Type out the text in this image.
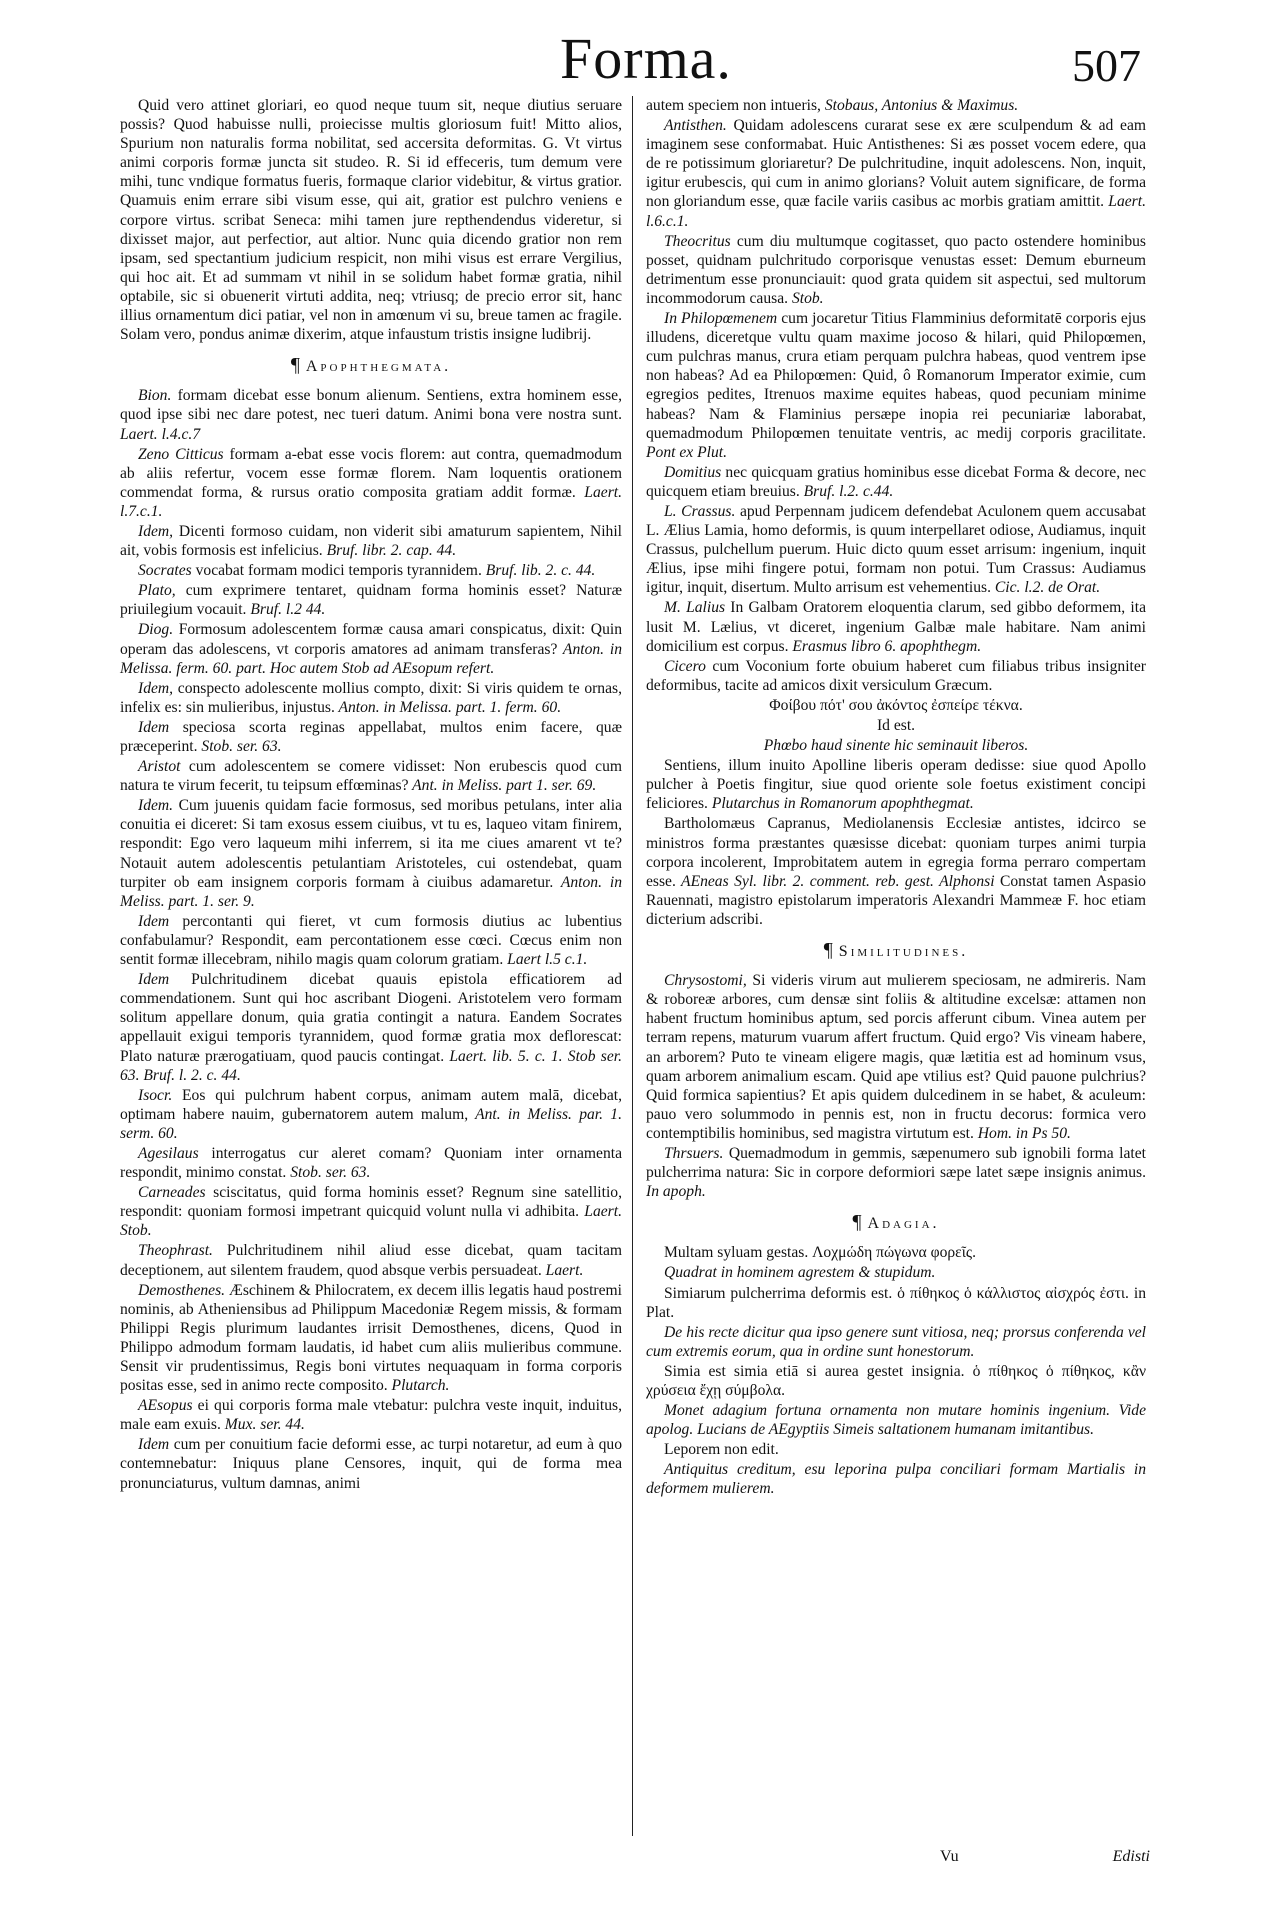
Forma.	507

Quid vero attinet gloriari, eo quod neque tuum sit, neque diutius seruare possis? Quod habuisse nulli, proiecisse multis gloriosum fuit! Mitto alios, Spurium non naturalis forma nobilitat, sed accersita deformitas. G. Vt virtus animi corporis formæ juncta sit studeo. R. Si id effeceris, tum demum vere mihi, tunc vndique formatus fueris, formaque clarior videbitur, & virtus gratior. Quamuis enim errare sibi visum esse, qui ait, gratior est pulchro veniens e corpore virtus. scribat Seneca: mihi tamen jure repthendendus videretur, si dixisset major, aut perfectior, aut altior. Nunc quia dicendo gratior non rem ipsam, sed spectantium judicium respicit, non mihi visus est errare Vergilius, qui hoc ait. Et ad summam vt nihil in se solidum habet formæ gratia, nihil optabile, sic si obuenerit virtuti addita, neq; vtriusq; de precio error sit, hanc illius ornamentum dici patiar, vel non in amœnum vi su, breue tamen ac fragile. Solam vero, pondus animæ dixerim, atque infaustum tristis insigne ludibrij.

¶ Apophthegmata.

Bion. formam dicebat esse bonum alienum. Sentiens, extra hominem esse, quod ipse sibi nec dare potest, nec tueri datum. Animi bona vere nostra sunt. Laert. l.4.c.7

Zeno Citticus formam a-ebat esse vocis florem: aut contra, quemadmodum ab aliis refertur, vocem esse formæ florem. Nam loquentis orationem commendat forma, & rursus oratio composita gratiam addit formæ. Laert. l.7.c.1.

Idem, Dicenti formoso cuidam, non viderit sibi amaturum sapientem, Nihil ait, vobis formosis est infelicius. Bruf. libr. 2. cap. 44.

Socrates vocabat formam modici temporis tyrannidem. Bruf. lib. 2. c. 44.

Plato, cum exprimere tentaret, quidnam forma hominis esset? Naturæ priuilegium vocauit. Bruf. l.2 44.

Diog. Formosum adolescentem formæ causa amari conspicatus, dixit: Quin operam das adolescens, vt corporis amatores ad animam transferas? Anton. in Melissa. ferm. 60. part. Hoc autem Stob ad AEsopum refert.

Idem, conspecto adolescente mollius compto, dixit: Si viris quidem te ornas, infelix es: sin mulieribus, injustus. Anton. in Melissa. part. 1. ferm. 60.

Idem speciosa scorta reginas appellabat, multos enim facere, quæ præceperint. Stob. ser. 63.

Aristot cum adolescentem se comere vidisset: Non erubescis quod cum natura te virum fecerit, tu teipsum effœminas? Ant. in Meliss. part 1. ser. 69.

Idem. Cum juuenis quidam facie formosus, sed moribus petulans, inter alia conuitia ei diceret: Si tam exosus essem ciuibus, vt tu es, laqueo vitam finirem, respondit: Ego vero laqueum mihi inferrem, si ita me ciues amarent vt te? Notauit autem adolescentis petulantiam Aristoteles, cui ostendebat, quam turpiter ob eam insignem corporis formam à ciuibus adamaretur. Anton. in Meliss. part. 1. ser. 9.

Idem percontanti qui fieret, vt cum formosis diutius ac lubentius confabulamur? Respondit, eam percontationem esse cœci. Cœcus enim non sentit formæ illecebram, nihilo magis quam colorum gratiam. Laert l.5 c.1.

Idem Pulchritudinem dicebat quauis epistola efficatiorem ad commendationem. Sunt qui hoc ascribant Diogeni. Aristotelem vero formam solitum appellare donum, quia gratia contingit a natura. Eandem Socrates appellauit exigui temporis tyrannidem, quod formæ gratia mox deflorescat: Plato naturæ prærogatiuam, quod paucis contingat. Laert. lib. 5. c. 1. Stob ser. 63. Bruf. l. 2. c. 44.

Isocr. Eos qui pulchrum habent corpus, animam autem malā, dicebat, optimam habere nauim, gubernatorem autem malum, Ant. in Meliss. par. 1. serm. 60.

Agesilaus interrogatus cur aleret comam? Quoniam inter ornamenta respondit, minimo constat. Stob. ser. 63.

Carneades sciscitatus, quid forma hominis esset? Regnum sine satellitio, respondit: quoniam formosi impetrant quicquid volunt nulla vi adhibita. Laert. Stob.

Theophrast. Pulchritudinem nihil aliud esse dicebat, quam tacitam deceptionem, aut silentem fraudem, quod absque verbis persuadeat. Laert.

Demosthenes. Æschinem & Philocratem, ex decem illis legatis haud postremi nominis, ab Atheniensibus ad Philippum Macedoniæ Regem missis, & formam Philippi Regis plurimum laudantes irrisit Demosthenes, dicens, Quod in Philippo admodum formam laudatis, id habet cum aliis mulieribus commune. Sensit vir prudentissimus, Regis boni virtutes nequaquam in forma corporis positas esse, sed in animo recte composito. Plutarch.

AEsopus ei qui corporis forma male vtebatur: pulchra veste inquit, induitus, male eam exuis. Mux. ser. 44.

Idem cum per conuitium facie deformi esse, ac turpi notaretur, ad eum à quo contemnebatur: Iniquus plane Censores, inquit, qui de forma mea pronunciaturus, vultum damnas, animi

autem speciem non intueris, Stobaus, Antonius & Maximus.

Antisthen. Quidam adolescens curarat sese ex ære sculpendum & ad eam imaginem sese conformabat. Huic Antisthenes: Si æs posset vocem edere, qua de re potissimum gloriaretur? De pulchritudine, inquit adolescens. Non, inquit, igitur erubescis, qui cum in animo glorians? Voluit autem significare, de forma non gloriandum esse, quæ facile variis casibus ac morbis gratiam amittit. Laert. l.6.c.1.

Theocritus cum diu multumque cogitasset, quo pacto ostendere hominibus posset, quidnam pulchritudo corporisque venustas esset: Demum eburneum detrimentum esse pronunciauit: quod grata quidem sit aspectui, sed multorum incommodorum causa. Stob.

In Philopœmenem cum jocaretur Titius Flamminius deformitatē corporis ejus illudens, diceretque vultu quam maxime jocoso & hilari, quid Philopœmen, cum pulchras manus, crura etiam perquam pulchra habeas, quod ventrem ipse non habeas? Ad ea Philopœmen: Quid, ô Romanorum Imperator eximie, cum egregios pedites, Itrenuos maxime equites habeas, quod pecuniam minime habeas? Nam & Flaminius persæpe inopia rei pecuniariæ laborabat, quemadmodum Philopœmen tenuitate ventris, ac medij corporis gracilitate. Pont ex Plut.

Domitius nec quicquam gratius hominibus esse dicebat Forma & decore, nec quicquem etiam breuius. Bruf. l.2. c.44.

L. Crassus. apud Perpennam judicem defendebat Aculonem quem accusabat L. Ælius Lamia, homo deformis, is quum interpellaret odiose, Audiamus, inquit Crassus, pulchellum puerum. Huic dicto quum esset arrisum: ingenium, inquit Ælius, ipse mihi fingere potui, formam non potui. Tum Crassus: Audiamus igitur, inquit, disertum. Multo arrisum est vehementius. Cic. l.2. de Orat.

M. Lalius In Galbam Oratorem eloquentia clarum, sed gibbo deformem, ita lusit M. Lælius, vt diceret, ingenium Galbæ male habitare. Nam animi domicilium est corpus. Erasmus libro 6. apophthegm.

Cicero cum Voconium forte obuium haberet cum filiabus tribus insigniter deformibus, tacite ad amicos dixit versiculum Græcum.

Φοίβου πότ' σου ἀκόντος ἐσπείρε τέκνα.

Id est.

Phœbo haud sinente hic seminauit liberos.

Sentiens, illum inuito Apolline liberis operam dedisse: siue quod Apollo pulcher à Poetis fingitur, siue quod oriente sole foetus existiment concipi feliciores. Plutarchus in Romanorum apophthegmat.

Bartholomæus Capranus, Mediolanensis Ecclesiæ antistes, idcirco se ministros forma præstantes quæsisse dicebat: quoniam turpes animi turpia corpora incolerent, Improbitatem autem in egregia forma perraro compertam esse. AEneas Syl. libr. 2. comment. reb. gest. Alphonsi Constat tamen Aspasio Rauennati, magistro epistolarum imperatoris Alexandri Mammeæ F. hoc etiam dicterium adscribi.

¶ Similitudines.

Chrysostomi, Si videris virum aut mulierem speciosam, ne admireris. Nam & roboreæ arbores, cum densæ sint foliis & altitudine excelsæ: attamen non habent fructum hominibus aptum, sed porcis afferunt cibum. Vinea autem per terram repens, maturum vuarum affert fructum. Quid ergo? Vis vineam habere, an arborem? Puto te vineam eligere magis, quæ lætitia est ad hominum vsus, quam arborem animalium escam. Quid ape vtilius est? Quid pauone pulchrius? Quid formica sapientius? Et apis quidem dulcedinem in se habet, & aculeum: pauo vero solummodo in pennis est, non in fructu decorus: formica vero contemptibilis hominibus, sed magistra virtutum est. Hom. in Ps 50.

Thrsuers. Quemadmodum in gemmis, sæpenumero sub ignobili forma latet pulcherrima natura: Sic in corpore deformiori sæpe latet sæpe insignis animus. In apoph.

¶ Adagia.

Multam syluam gestas. Λοχμώδη πώγωνα φορεῖς.

Quadrat in hominem agrestem & stupidum.

Simiarum pulcherrima deformis est. ὁ πίθηκος ὁ κάλλιστος αἰσχρός ἐστι. in Plat.

De his recte dicitur qua ipso genere sunt vitiosa, neq; prorsus conferenda vel cum extremis eorum, qua in ordine sunt honestorum.

Simia est simia etiā si aurea gestet insignia. ὁ πίθηκος ὁ πίθηκος, κἂν χρύσεια ἔχῃ σύμβολα.

Monet adagium fortuna ornamenta non mutare hominis ingenium. Vide apolog. Lucians de AEgyptiis Simeis saltationem humanam imitantibus.

Leporem non edit.

Antiquitus creditum, esu leporina pulpa conciliari formam Martialis in deformem mulierem.

Vu	Edisti
